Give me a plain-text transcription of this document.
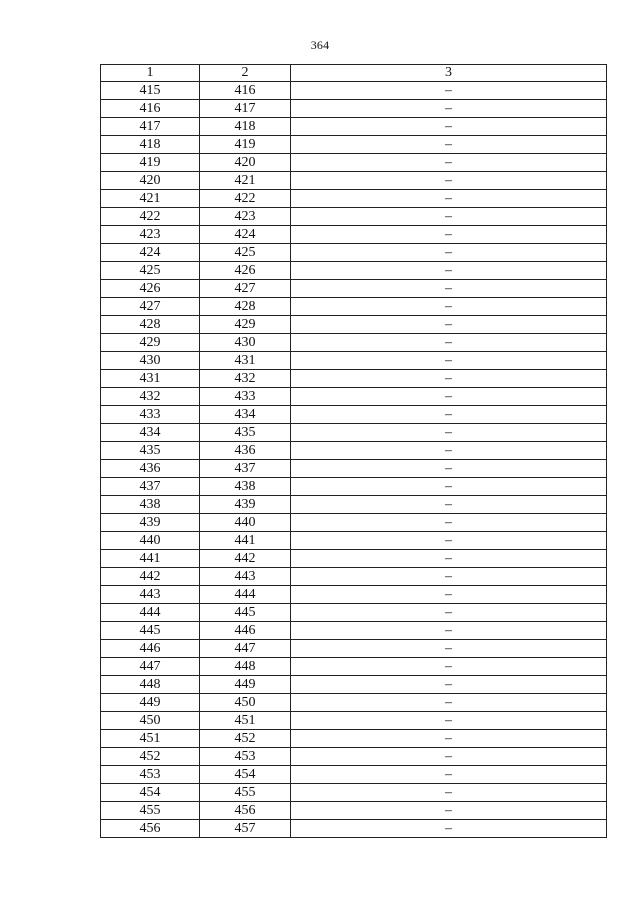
364
1	2	3
415	416	–
416	417	–
417	418	–
418	419	–
419	420	–
420	421	–
421	422	–
422	423	–
423	424	–
424	425	–
425	426	–
426	427	–
427	428	–
428	429	–
429	430	–
430	431	–
431	432	–
432	433	–
433	434	–
434	435	–
435	436	–
436	437	–
437	438	–
438	439	–
439	440	–
440	441	–
441	442	–
442	443	–
443	444	–
444	445	–
445	446	–
446	447	–
447	448	–
448	449	–
449	450	–
450	451	–
451	452	–
452	453	–
453	454	–
454	455	–
455	456	–
456	457	–
